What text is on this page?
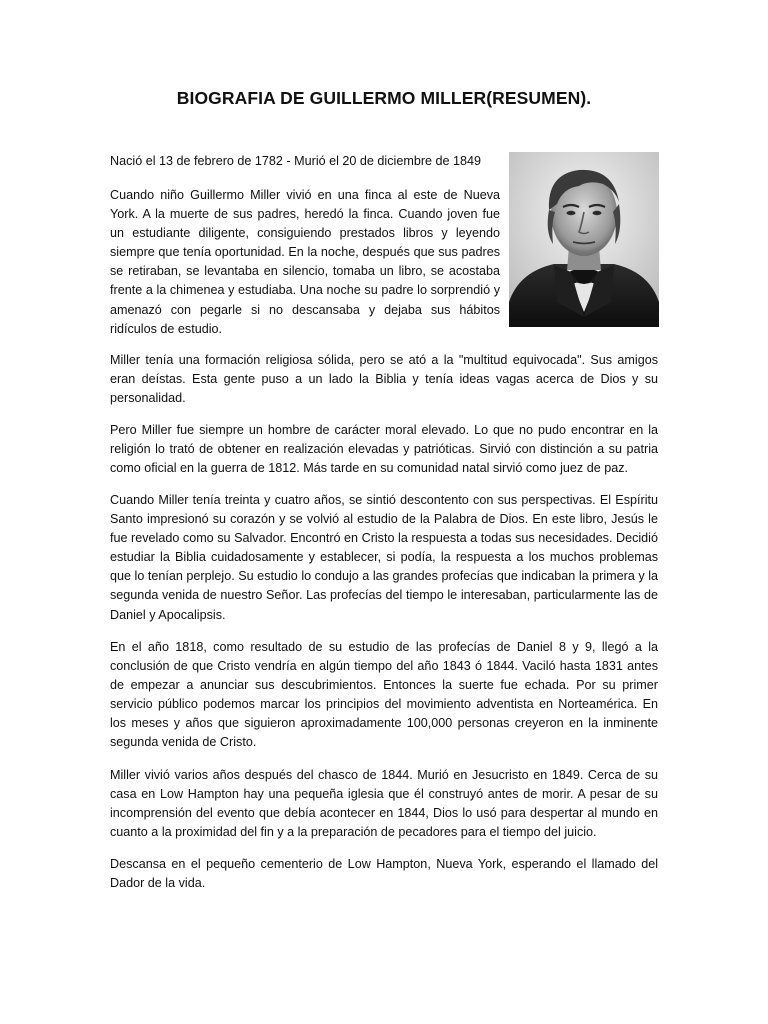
BIOGRAFIA DE GUILLERMO MILLER(RESUMEN).
Nació el 13 de febrero de 1782 - Murió el 20 de diciembre de 1849
Cuando niño Guillermo Miller vivió en una finca al este de Nueva York. A la muerte de sus padres, heredó la finca. Cuando joven fue un estudiante diligente, consiguiendo prestados libros y leyendo siempre que tenía oportunidad. En la noche, después que sus padres se retiraban, se levantaba en silencio, tomaba un libro, se acostaba frente a la chimenea y estudiaba. Una noche su padre lo sorprendió y amenazó con pegarle si no descansaba y dejaba sus hábitos ridículos de estudio.
Miller tenía una formación religiosa sólida, pero se ató a la "multitud equivocada". Sus amigos eran deístas. Esta gente puso a un lado la Biblia y tenía ideas vagas acerca de Dios y su personalidad.
Pero Miller fue siempre un hombre de carácter moral elevado. Lo que no pudo encontrar en la religión lo trató de obtener en realización elevadas y patrióticas. Sirvió con distinción a su patria como oficial en la guerra de 1812. Más tarde en su comunidad natal sirvió como juez de paz.
Cuando Miller tenía treinta y cuatro años, se sintió descontento con sus perspectivas. El Espíritu Santo impresionó su corazón y se volvió al estudio de la Palabra de Dios. En este libro, Jesús le fue revelado como su Salvador. Encontró en Cristo la respuesta a todas sus necesidades. Decidió estudiar la Biblia cuidadosamente y establecer, si podía, la respuesta a los muchos problemas que lo tenían perplejo. Su estudio lo condujo a las grandes profecías que indicaban la primera y la segunda venida de nuestro Señor. Las profecías del tiempo le interesaban, particularmente las de Daniel y Apocalipsis.
En el año 1818, como resultado de su estudio de las profecías de Daniel 8 y 9, llegó a la conclusión de que Cristo vendría en algún tiempo del año 1843 ó 1844. Vaciló hasta 1831 antes de empezar a anunciar sus descubrimientos. Entonces la suerte fue echada. Por su primer servicio público podemos marcar los principios del movimiento adventista en Norteamérica. En los meses y años que siguieron aproximadamente 100,000 personas creyeron en la inminente segunda venida de Cristo.
Miller vivió varios años después del chasco de 1844. Murió en Jesucristo en 1849. Cerca de su casa en Low Hampton hay una pequeña iglesia que él construyó antes de morir. A pesar de su incomprensión del evento que debía acontecer en 1844, Dios lo usó para despertar al mundo en cuanto a la proximidad del fin y a la preparación de pecadores para el tiempo del juicio.
Descansa en el pequeño cementerio de Low Hampton, Nueva York, esperando el llamado del Dador de la vida.
